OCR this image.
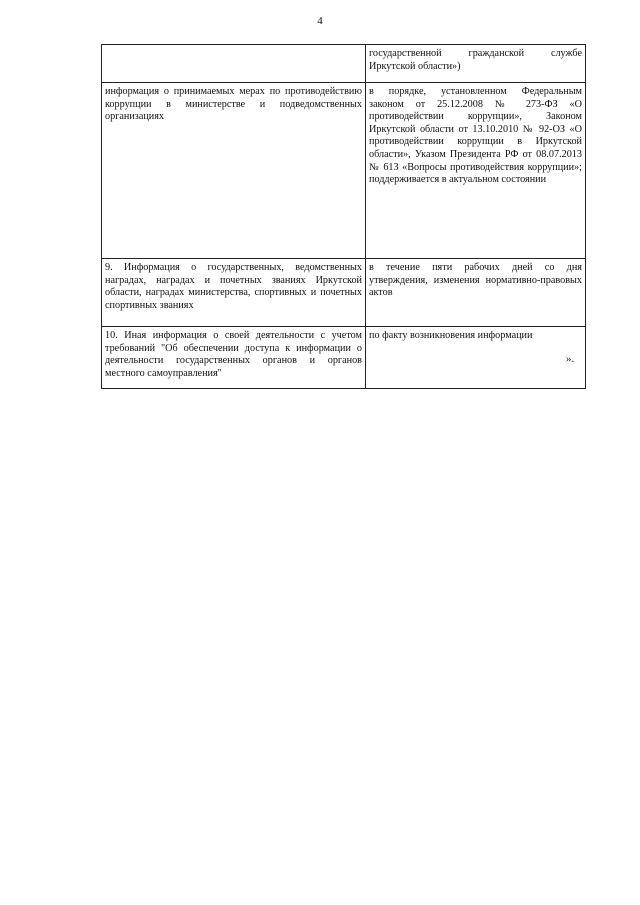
4
	государственной гражданской службе Иркутской области»)
информация о принимаемых мерах по противодействию коррупции в министерстве и подведомственных организациях	в порядке, установленном Федеральным законом от 25.12.2008 № 273-ФЗ «О противодействии коррупции», Законом Иркутской области от 13.10.2010 № 92-ОЗ «О противодействии коррупции в Иркутской области», Указом Президента РФ от 08.07.2013 № 613 «Вопросы противодействия коррупции»; поддерживается в актуальном состоянии
9. Информация о государственных, ведомственных наградах, наградах и почетных званиях Иркутской области, наградах министерства, спортивных и почетных спортивных званиях	в течение пяти рабочих дней со дня утверждения, изменения нормативно-правовых актов
10. Иная информация о своей деятельности с учетом требований "Об обеспечении доступа к информации о деятельности государственных органов и органов местного самоуправления"	по факту возникновения информации
».
